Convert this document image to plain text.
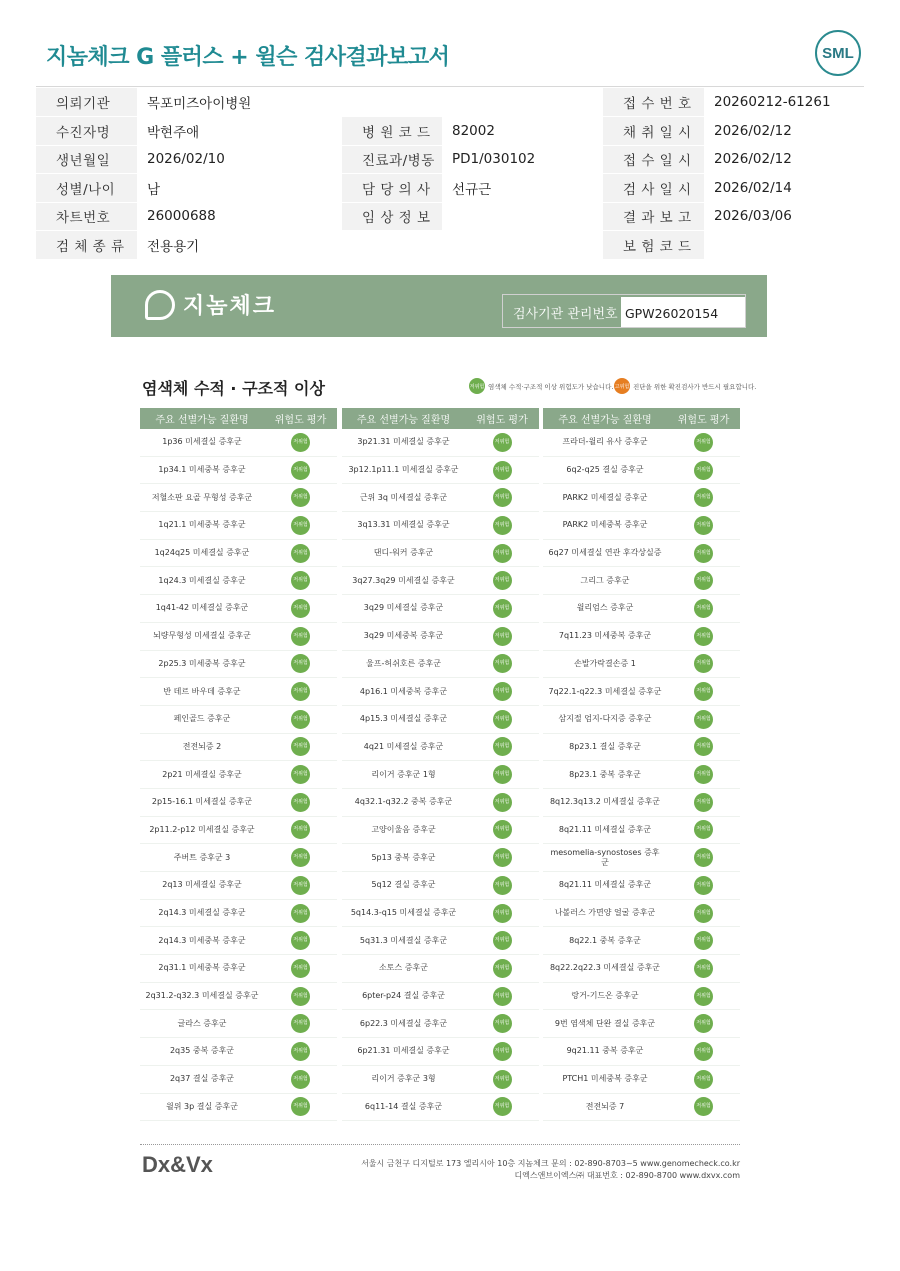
지놈체크 G 플러스 + 윌슨 검사결과보고서	SML
의뢰기관	목포미즈아이병원			접 수 번 호	20260212-61261
수진자명	박현주애	병 원 코 드	82002	채 취 일 시	2026/02/12
생년월일	2026/02/10	진료과/병동	PD1/030102	접 수 일 시	2026/02/12
성별/나이	남	담 당 의 사	선규근	검 사 일 시	2026/02/14
차트번호	26000688	임 상 정 보		결 과 보 고	2026/03/06
검 체 종 류	전용용기			보 험 코 드	
지놈체크	검사기관 관리번호 GPW26020154
염색체 수적 · 구조적 이상	저위험 염색체 수적·구조적 이상 위험도가 낮습니다. 고위험 진단을 위한 확진검사가 반드시 필요합니다.
주요 선별가능 질환명	위험도 평가
1p36 미세결실 증후군	저위험
1p34.1 미세중복 증후군	저위험
저혈소판 요골 무형성 증후군	저위험
1q21.1 미세중복 증후군	저위험
1q24q25 미세결실 증후군	저위험
1q24.3 미세결실 증후군	저위험
1q41-42 미세결실 증후군	저위험
뇌량무형성 미세결실 증후군	저위험
2p25.3 미세중복 증후군	저위험
반 데르 바우데 증후군	저위험
페인골드 증후군	저위험
전전뇌증 2	저위험
2p21 미세결실 증후군	저위험
2p15-16.1 미세결실 증후군	저위험
2p11.2-p12 미세결실 증후군	저위험
주버트 증후군 3	저위험
2q13 미세결실 증후군	저위험
2q14.3 미세결실 증후군	저위험
2q14.3 미세중복 증후군	저위험
2q31.1 미세중복 증후군	저위험
2q31.2-q32.3 미세결실 증후군	저위험
글라스 증후군	저위험
2q35 중복 증후군	저위험
2q37 결실 증후군	저위험
윌위 3p 결실 증후군	저위험
주요 선별가능 질환명	위험도 평가
3p21.31 미세결실 증후군	저위험
3p12.1p11.1 미세결실 증후군	저위험
근위 3q 미세결실 증후군	저위험
3q13.31 미세결실 증후군	저위험
댄디-워커 증후군	저위험
3q27.3q29 미세결실 증후군	저위험
3q29 미세결실 증후군	저위험
3q29 미세중복 증후군	저위험
울프-허쉬호른 증후군	저위험
4p16.1 미세중복 증후군	저위험
4p15.3 미세결실 증후군	저위험
4q21 미세결실 증후군	저위험
리이거 증후군 1형	저위험
4q32.1-q32.2 중복 증후군	저위험
고양이울음 증후군	저위험
5p13 중복 증후군	저위험
5q12 결실 증후군	저위험
5q14.3-q15 미세결실 증후군	저위험
5q31.3 미세결실 증후군	저위험
소토스 증후군	저위험
6pter-p24 결실 증후군	저위험
6p22.3 미세결실 증후군	저위험
6p21.31 미세결실 증후군	저위험
리이거 증후군 3형	저위험
6q11-14 결실 증후군	저위험
주요 선별가능 질환명	위험도 평가
프라더-윌리 유사 증후군	저위험
6q2-q25 결실 증후군	저위험
PARK2 미세결실 증후군	저위험
PARK2 미세중복 증후군	저위험
6q27 미세결실 연관 후각상실증	저위험
그리그 증후군	저위험
윌리엄스 증후군	저위험
7q11.23 미세중복 증후군	저위험
손발가락결손증 1	저위험
7q22.1-q22.3 미세결실 증후군	저위험
삼지절 엄지-다지증 증후군	저위험
8p23.1 결실 증후군	저위험
8p23.1 중복 증후군	저위험
8q12.3q13.2 미세결실 증후군	저위험
8q21.11 미세결실 증후군	저위험
mesomelia-synostoses 증후군
저위험
8q21.11 미세결실 증후군	저위험
나볼러스 가면양 얼굴 증후군	저위험
8q22.1 중복 증후군	저위험
8q22.2q22.3 미세결실 증후군	저위험
랑거-기드온 증후군	저위험
9번 염색체 단완 결실 증후군	저위험
9q21.11 중복 증후군	저위험
PTCH1 미세중복 증후군	저위험
전전뇌증 7	저위험
Dx&Vx	서울시 금천구 디지털로 173 엘리시아 10층 지놈체크 문의 : 02-890-8703~5 www.genomecheck.co.kr
디엑스앤브이엑스㈜ 대표번호 : 02-890-8700 www.dxvx.com
